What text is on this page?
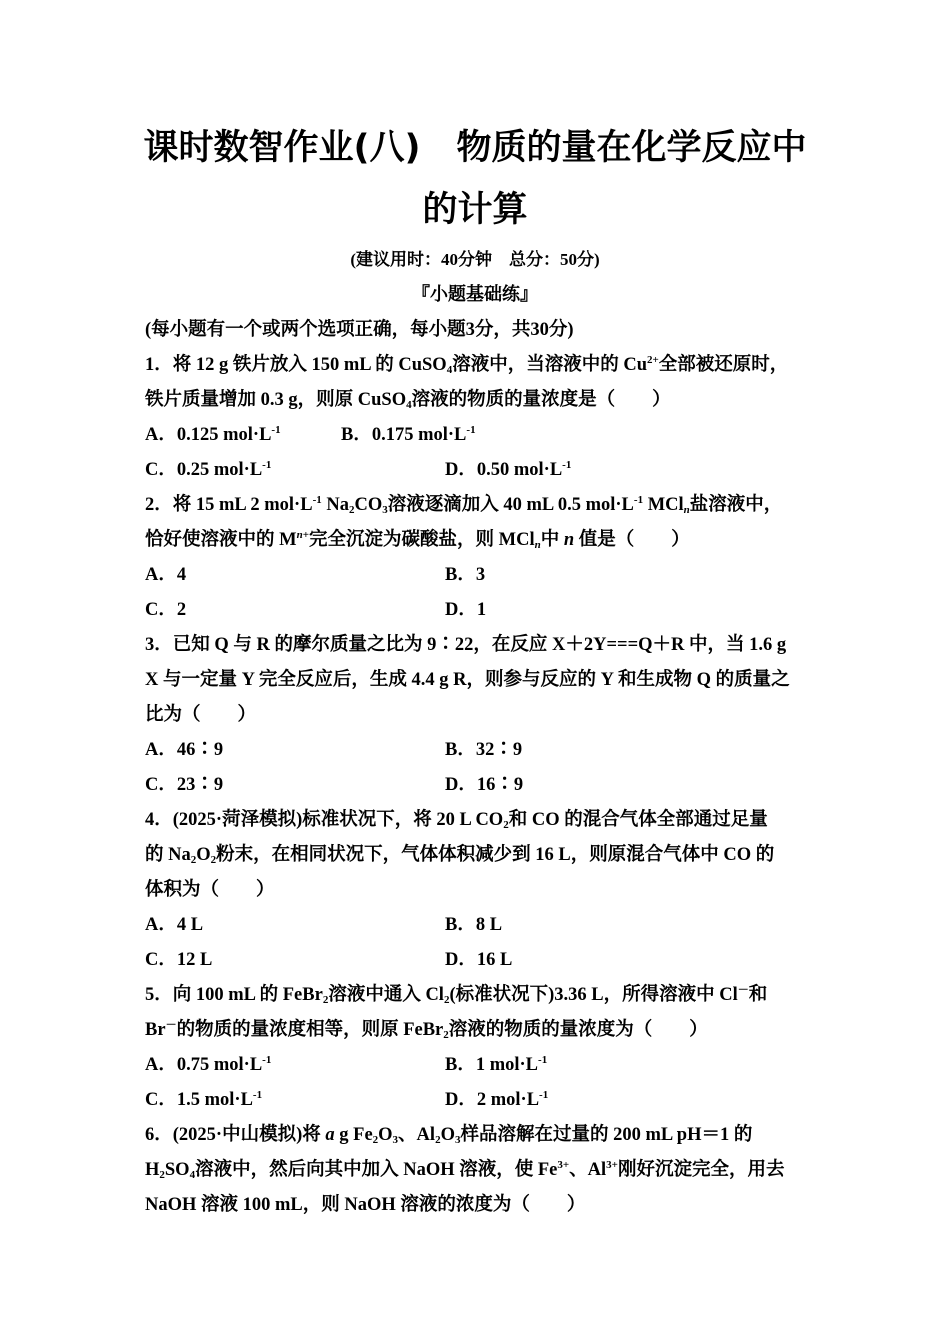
课时数智作业(八) 物质的量在化学反应中
的计算
(建议用时：40分钟　总分：50分)
『小题基础练』
(每小题有一个或两个选项正确，每小题3分，共30分)
1．将 12 g 铁片放入 150 mL 的 CuSO$_4$溶液中，当溶液中的 $Cu^{2+}$全部被还原时，
铁片质量增加 0.3 g，则原 CuSO$_4$溶液的物质的量浓度是（　　）
A．0.125 $mol\cdot L^{-1}$	B．0.175 $mol\cdot L^{-1}$
C．0.25 $mol\cdot L^{-1}$	D．0.50 $mol\cdot L^{-1}$
2．将 15 mL 2 $mol\cdot L^{-1}$ $Na_2CO_3$溶液逐滴加入 40 mL 0.5 $mol\cdot L^{-1}$ MCl$_n$盐溶液中，
恰好使溶液中的 $M^{n+}$完全沉淀为碳酸盐，则 MCl$_n$中 n 值是（　　）
A．4	B．3
C．2	D．1
3．已知 Q 与 R 的摩尔质量之比为 9∶22，在反应 X＋2Y===Q＋R 中，当 1.6 g
X 与一定量 Y 完全反应后，生成 4.4 g R，则参与反应的 Y 和生成物 Q 的质量之
比为（　　）
A．46∶9	B．32∶9
C．23∶9	D．16∶9
4．(2025·菏泽模拟)标准状况下，将 20 L $CO_2$和 CO 的混合气体全部通过足量
的 $Na_2O_2$粉末，在相同状况下，气体体积减少到 16 L，则原混合气体中 CO 的
体积为（　　）
A．4 L	B．8 L
C．12 L	D．16 L
5．向 100 mL 的 FeBr$_2$溶液中通入 $Cl_2$(标准状况下)3.36 L，所得溶液中 Cl－和
Br－的物质的量浓度相等，则原 FeBr$_2$溶液的物质的量浓度为（　　）
A．0.75 $mol\cdot L^{-1}$	B．1 $mol\cdot L^{-1}$
C．1.5 $mol\cdot L^{-1}$	D．2 $mol\cdot L^{-1}$
6．(2025·中山模拟)将 a g $Fe_2O_3$、$Al_2O_3$样品溶解在过量的 200 mL pH＝1 的
$H_2SO_4$溶液中，然后向其中加入 NaOH 溶液，使 $Fe^{3+}$、$Al^{3+}$刚好沉淀完全，用去
NaOH 溶液 100 mL，则 NaOH 溶液的浓度为（　　）
